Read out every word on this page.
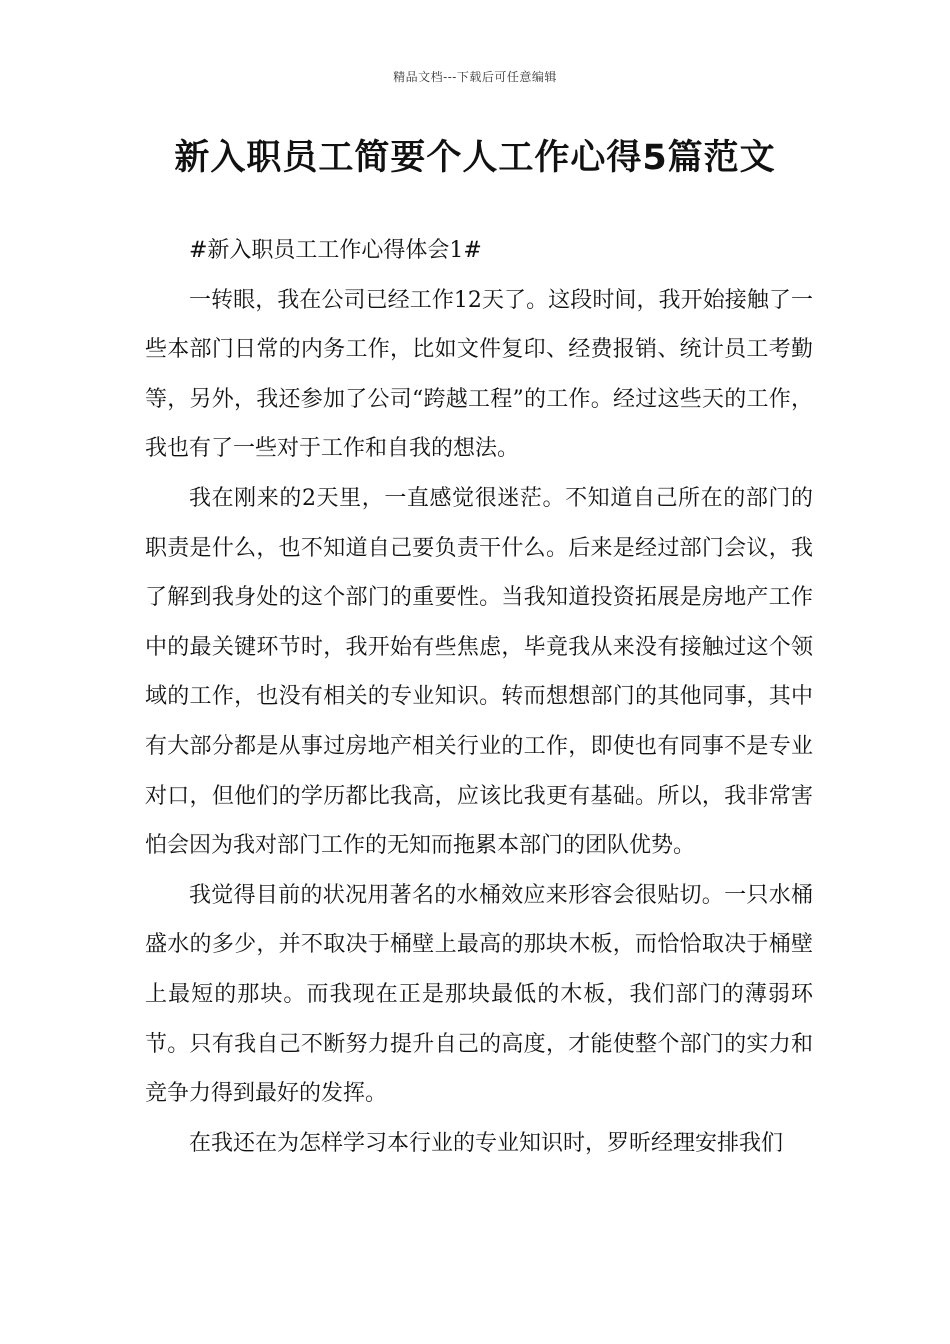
精品文档---下载后可任意编辑
新入职员工简要个人工作心得5篇范文

#新入职员工工作心得体会1#

一转眼，我在公司已经工作12天了。这段时间，我开始接触了一些本部门日常的内务工作，比如文件复印、经费报销、统计员工考勤等，另外，我还参加了公司“跨越工程”的工作。经过这些天的工作，我也有了一些对于工作和自我的想法。

我在刚来的2天里，一直感觉很迷茫。不知道自己所在的部门的职责是什么，也不知道自己要负责干什么。后来是经过部门会议，我了解到我身处的这个部门的重要性。当我知道投资拓展是房地产工作中的最关键环节时，我开始有些焦虑，毕竟我从来没有接触过这个领域的工作，也没有相关的专业知识。转而想想部门的其他同事，其中有大部分都是从事过房地产相关行业的工作，即使也有同事不是专业对口，但他们的学历都比我高，应该比我更有基础。所以，我非常害怕会因为我对部门工作的无知而拖累本部门的团队优势。

我觉得目前的状况用著名的水桶效应来形容会很贴切。一只水桶盛水的多少，并不取决于桶壁上最高的那块木板，而恰恰取决于桶壁上最短的那块。而我现在正是那块最低的木板，我们部门的薄弱环节。只有我自己不断努力提升自己的高度，才能使整个部门的实力和竞争力得到最好的发挥。

在我还在为怎样学习本行业的专业知识时，罗昕经理安排我们
